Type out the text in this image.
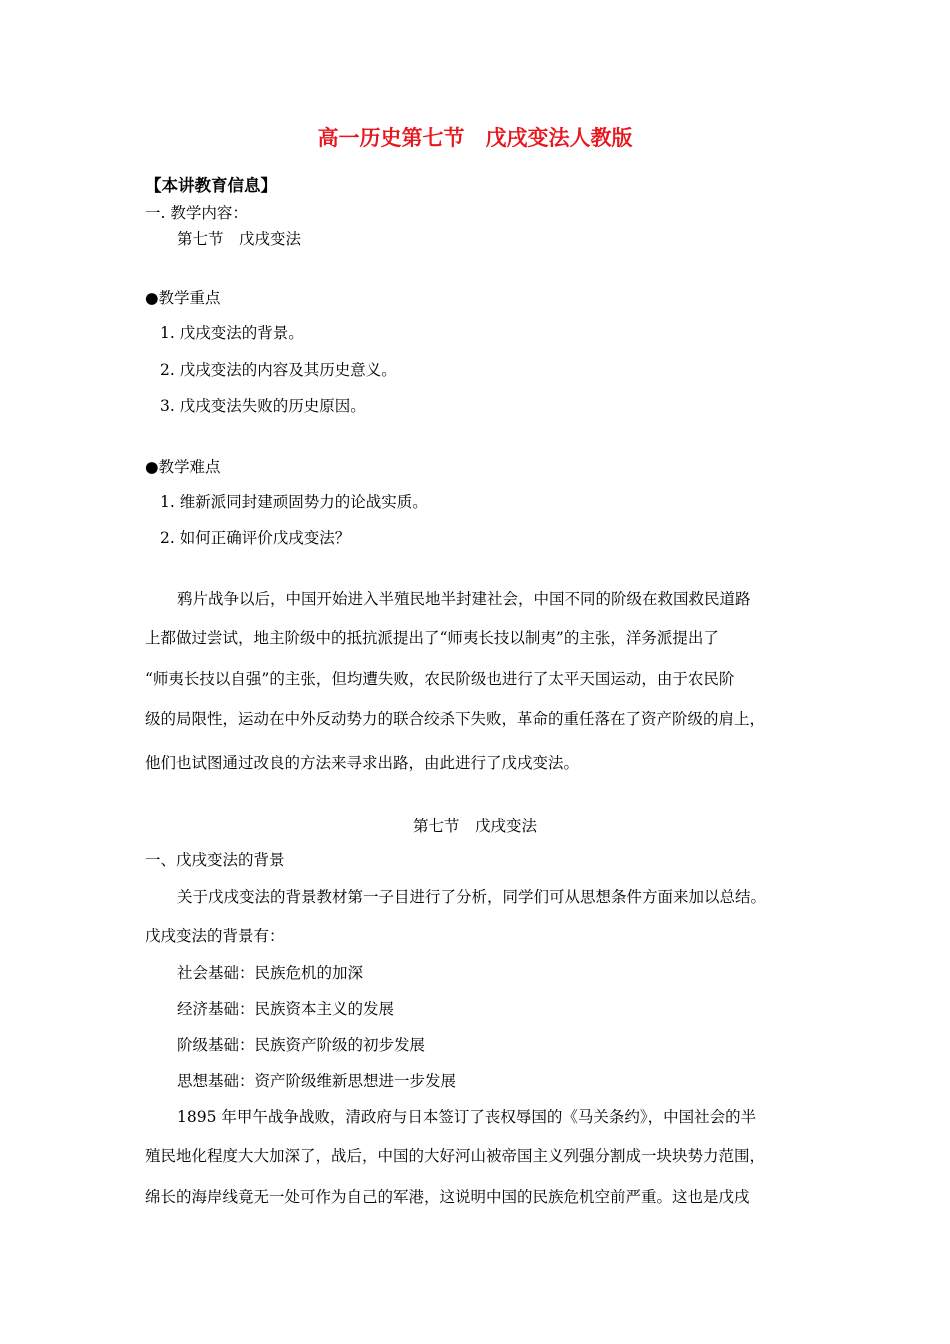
高一历史第七节　戊戌变法人教版
【本讲教育信息】
一. 教学内容：
第七节　戊戌变法
●教学重点
1. 戊戌变法的背景。
2. 戊戌变法的内容及其历史意义。
3. 戊戌变法失败的历史原因。
●教学难点
1. 维新派同封建顽固势力的论战实质。
2. 如何正确评价戊戌变法？
鸦片战争以后，中国开始进入半殖民地半封建社会，中国不同的阶级在救国救民道路
上都做过尝试，地主阶级中的抵抗派提出了“师夷长技以制夷”的主张，洋务派提出了
“师夷长技以自强”的主张，但均遭失败，农民阶级也进行了太平天国运动，由于农民阶
级的局限性，运动在中外反动势力的联合绞杀下失败，革命的重任落在了资产阶级的肩上，
他们也试图通过改良的方法来寻求出路，由此进行了戊戌变法。
第七节　戊戌变法
一、戊戌变法的背景
关于戊戌变法的背景教材第一子目进行了分析，同学们可从思想条件方面来加以总结。
戊戌变法的背景有：
社会基础：民族危机的加深
经济基础：民族资本主义的发展
阶级基础：民族资产阶级的初步发展
思想基础：资产阶级维新思想进一步发展
1895 年甲午战争战败，清政府与日本签订了丧权辱国的《马关条约》，中国社会的半
殖民地化程度大大加深了，战后，中国的大好河山被帝国主义列强分割成一块块势力范围，
绵长的海岸线竟无一处可作为自己的军港，这说明中国的民族危机空前严重。这也是戊戌
